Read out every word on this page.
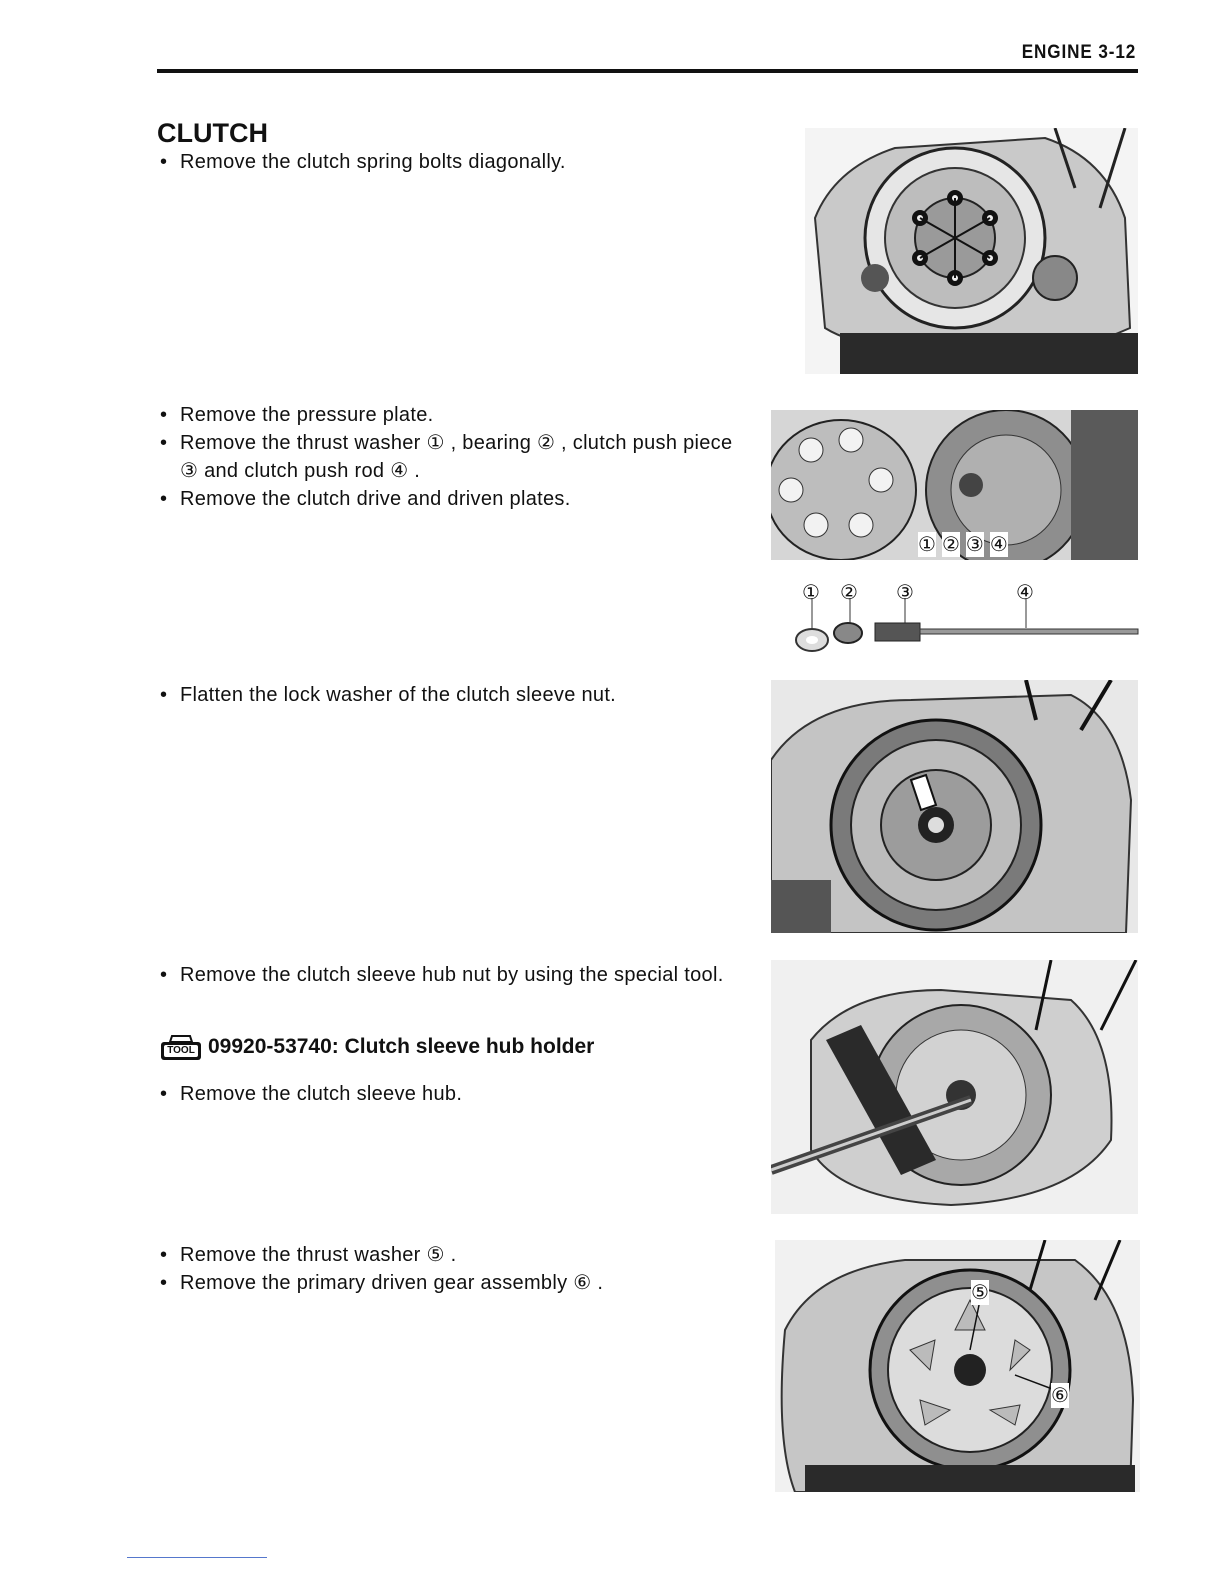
ENGINE 3-12
CLUTCH
• Remove the clutch spring bolts diagonally.
• Remove the pressure plate.
• Remove the thrust washer ① , bearing ② , clutch push piece ③ and clutch push rod ④ .
• Remove the clutch drive and driven plates.
① ② ③ ④
① ② ③	④
• Flatten the lock washer of the clutch sleeve nut.
• Remove the clutch sleeve hub nut by using the special tool.
TOOL 09920-53740: Clutch sleeve hub holder
• Remove the clutch sleeve hub.
• Remove the thrust washer ⑤ .
• Remove the primary driven gear assembly ⑥ .	⑤
⑥
